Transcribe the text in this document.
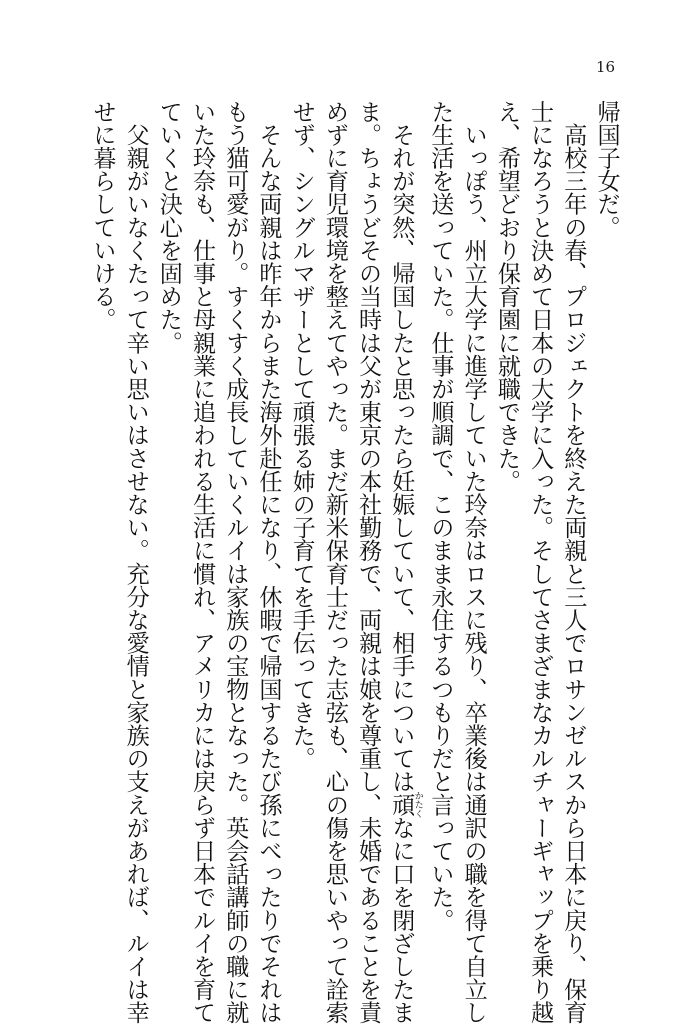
16
帰国子女だ。
　高校三年の春、プロジェクトを終えた両親と三人でロサンゼルスから日本に戻り、保育
士になろうと決めて日本の大学に入った。そしてさまざまなカルチャーギャップを乗り越
え、希望どおり保育園に就職できた。
　いっぽう、州立大学に進学していた玲奈はロスに残り、卒業後は通訳の職を得て自立し
た生活を送っていた。仕事が順調で、このまま永住するつもりだと言っていた。
　それが突然、帰国したと思ったら妊娠していて、相手については頑 かたくなに口を閉ざしたま
ま。ちょうどその当時は父が東京の本社勤務で、両親は娘を尊重し、未婚であることを責
めずに育児環境を整えてやった。まだ新米保育士だった志弦も、心の傷を思いやって詮索
せず、シングルマザーとして頑張る姉の子育てを手伝ってきた。
　そんな両親は昨年からまた海外赴任になり、休暇で帰国するたび孫にべったりでそれは
もう猫可愛がり。すくすく成長していくルイは家族の宝物となった。英会話講師の職に就
いた玲奈も、仕事と母親業に追われる生活に慣れ、アメリカには戻らず日本でルイを育て
ていくと決心を固めた。
　父親がいなくたって辛い思いはさせない。充分な愛情と家族の支えがあれば、ルイは幸
せに暮らしていける。
